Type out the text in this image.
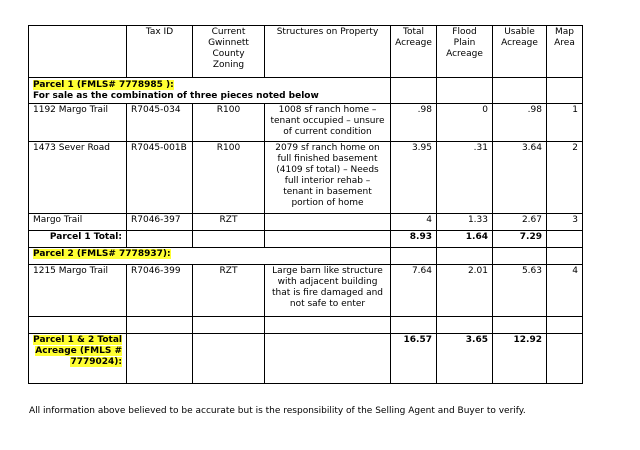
	Tax ID	Current Gwinnett County Zoning	Structures on Property	Total Acreage	Flood Plain Acreage	Usable Acreage	Map Area
Parcel 1 (FMLS# 7778985 ):
For sale as the combination of three pieces noted below							
1192 Margo Trail	R7045-034	R100	1008 sf ranch home – tenant occupied – unsure of current condition	.98	0	.98	1
1473 Sever Road	R7045-001B	R100	2079 sf ranch home on full finished basement (4109 sf total) – Needs full interior rehab – tenant in basement portion of home	3.95	.31	3.64	2
Margo Trail	R7046-397	RZT		4	1.33	2.67	3
Parcel 1 Total:				8.93	1.64	7.29	
Parcel 2 (FMLS# 7778937):							
1215 Margo Trail	R7046-399	RZT	Large barn like structure with adjacent building that is fire damaged and not safe to enter	7.64	2.01	5.63	4

Parcel 1 & 2 Total Acreage (FMLS # 7779024):				16.57	3.65	12.92	
All information above believed to be accurate but is the responsibility of the Selling Agent and Buyer to verify.
